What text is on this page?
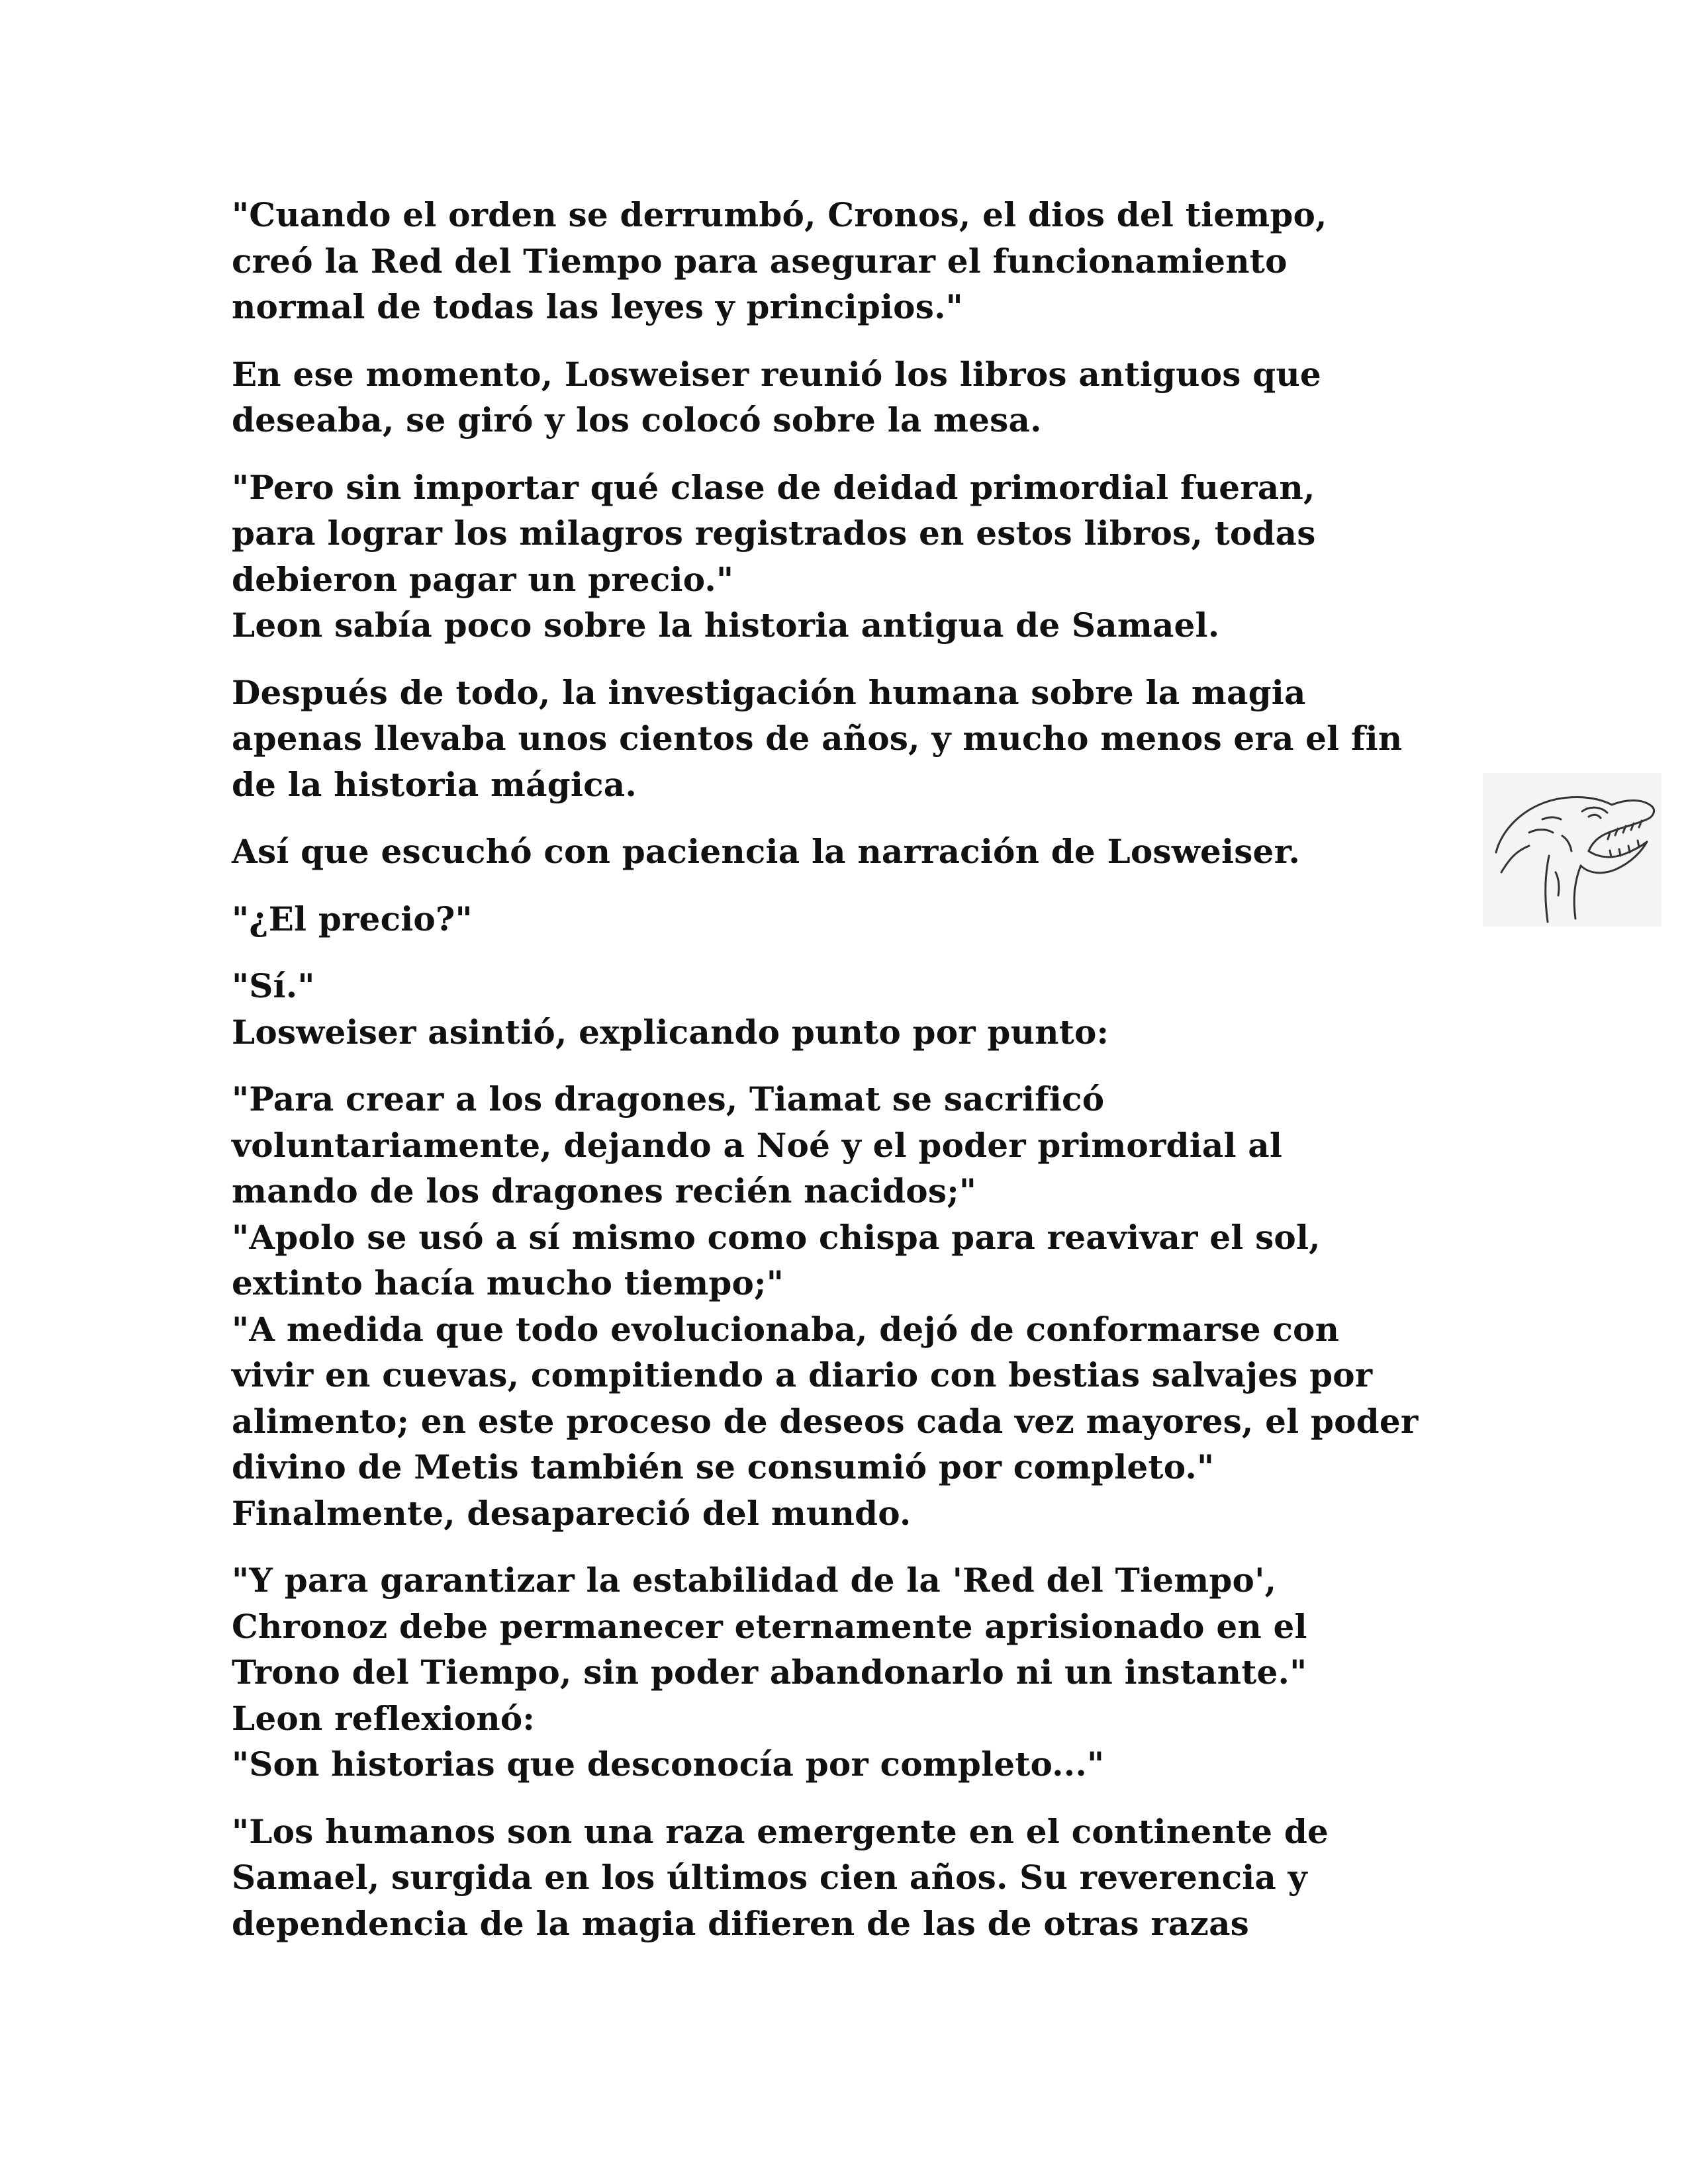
"Cuando el orden se derrumbó, Cronos, el dios del tiempo,
creó la Red del Tiempo para asegurar el funcionamiento
normal de todas las leyes y principios."

En ese momento, Losweiser reunió los libros antiguos que
deseaba, se giró y los colocó sobre la mesa.

"Pero sin importar qué clase de deidad primordial fueran,
para lograr los milagros registrados en estos libros, todas
debieron pagar un precio."
Leon sabía poco sobre la historia antigua de Samael.

Después de todo, la investigación humana sobre la magia
apenas llevaba unos cientos de años, y mucho menos era el fin
de la historia mágica.

Así que escuchó con paciencia la narración de Losweiser.

"¿El precio?"

"Sí."
Losweiser asintió, explicando punto por punto:

"Para crear a los dragones, Tiamat se sacrificó
voluntariamente, dejando a Noé y el poder primordial al
mando de los dragones recién nacidos;"
"Apolo se usó a sí mismo como chispa para reavivar el sol,
extinto hacía mucho tiempo;"
"A medida que todo evolucionaba, dejó de conformarse con
vivir en cuevas, compitiendo a diario con bestias salvajes por
alimento; en este proceso de deseos cada vez mayores, el poder
divino de Metis también se consumió por completo."
Finalmente, desapareció del mundo.

"Y para garantizar la estabilidad de la 'Red del Tiempo',
Chronoz debe permanecer eternamente aprisionado en el
Trono del Tiempo, sin poder abandonarlo ni un instante."
Leon reflexionó:
"Son historias que desconocía por completo..."

"Los humanos son una raza emergente en el continente de
Samael, surgida en los últimos cien años. Su reverencia y
dependencia de la magia difieren de las de otras razas
